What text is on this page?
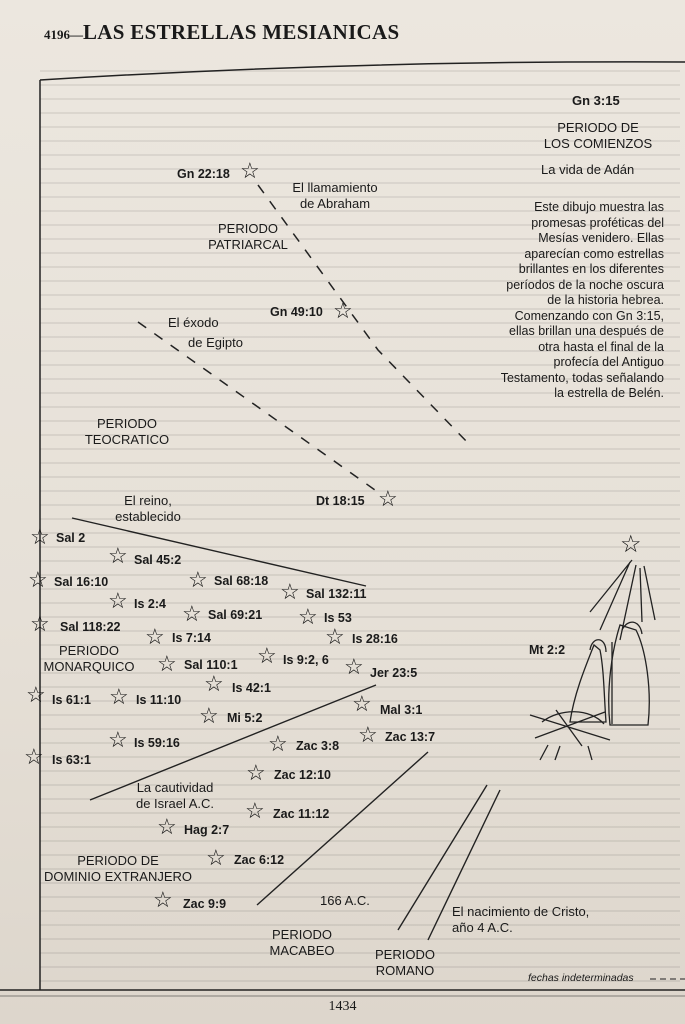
4196—LAS ESTRELLAS MESIANICAS
Gn 3:15
PERIODO DE
LOS COMIENZOS
La vida de Adán
Este dibujo muestra las promesas proféticas del Mesías venidero. Ellas aparecían como estrellas brillantes en los diferentes períodos de la noche oscura de la historia hebrea. Comenzando con Gn 3:15, ellas brillan una después de otra hasta el final de la profecía del Antiguo Testamento, todas señalando la estrella de Belén.
El llamamiento
de Abraham
PERIODO
PATRIARCAL
El éxodo
de Egipto
PERIODO
TEOCRATICO
El reino,
establecido
PERIODO
MONARQUICO
La cautividad
de Israel A.C.
PERIODO DE
DOMINIO EXTRANJERO
166 A.C.
PERIODO
MACABEO	PERIODO
ROMANO
El nacimiento de Cristo,
año 4 A.C.
fechas indeterminadas
☆
Gn 22:18
☆
Gn 49:10
☆
Dt 18:15
☆ Sal 2
☆ Sal 45:2
☆ Sal 16:10	☆ Sal 68:18 ☆ Sal 132:11
☆ Is 2:4 ☆ Sal 69:21 ☆ Is 53
☆ Sal 118:22 ☆ Is 7:14	☆ Is 28:16
☆ Sal 110:1 ☆ Is 9:2, 6 ☆ Jer 23:5
☆ Is 42:1
☆ Is 61:1 ☆ Is 11:10
☆ Mi 5:2
☆ Mal 3:1
☆ Is 59:16	☆ Zac 3:8 ☆ Zac 13:7
☆ Is 63:1	☆ Zac 12:10
☆ Zac 11:12
☆ Hag 2:7
☆ Zac 6:12
☆ Zac 9:9
☆
Mt 2:2
1434
